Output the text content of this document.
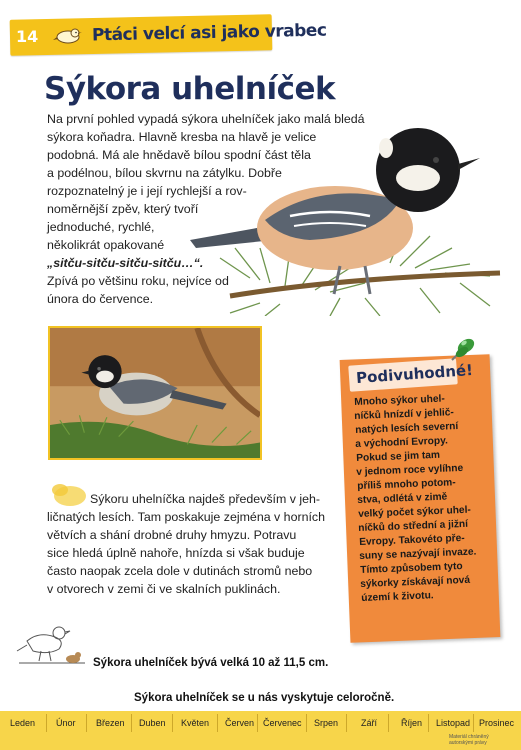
14	Ptáci velcí asi jako vrabec
Sýkora uhelníček
Na první pohled vypadá sýkora uhelníček jako malá bledá
sýkora koňadra. Hlavně kresba na hlavě je velice
podobná. Má ale hnědavě bílou spodní část těla
a podélnou, bílou skvrnu na zátylku. Dobře
rozpoznatelný je i její rychlejší a rov-
noměrnější zpěv, který tvoří
jednoduché, rychlé,
několikrát opakované
„sitču-sitču-sitču-sitču…“.
Zpívá po většinu roku, nejvíce od
února do července.
Sýkoru uhelníčka najdeš především v jeh-
ličnatých lesích. Tam poskakuje zejména v horních
větvích a shání drobné druhy hmyzu. Potravu
sice hledá úplně nahoře, hnízda si však buduje
často naopak zcela dole v dutinách stromů nebo
v otvorech v zemi či ve skalních puklinách.
Podivuhodné!
Mnoho sýkor uhel-
níčků hnízdí v jehlič-
natých lesích severní
a východní Evropy.
Pokud se jim tam
v jednom roce vylíhne
příliš mnoho potom-
stva, odlétá v zimě
velký počet sýkor uhel-
níčků do střední a jižní
Evropy. Takovéto pře-
suny se nazývají invaze.
Tímto způsobem tyto
sýkorky získávají nová
území k životu.
Sýkora uhelníček bývá velká 10 až 11,5 cm.
Sýkora uhelníček se u nás vyskytuje celoročně.
Leden Únor Březen Duben Květen Červen Červenec Srpen	Září	Říjen Listopad Prosinec
Materiál chráněný
autorskými právy
